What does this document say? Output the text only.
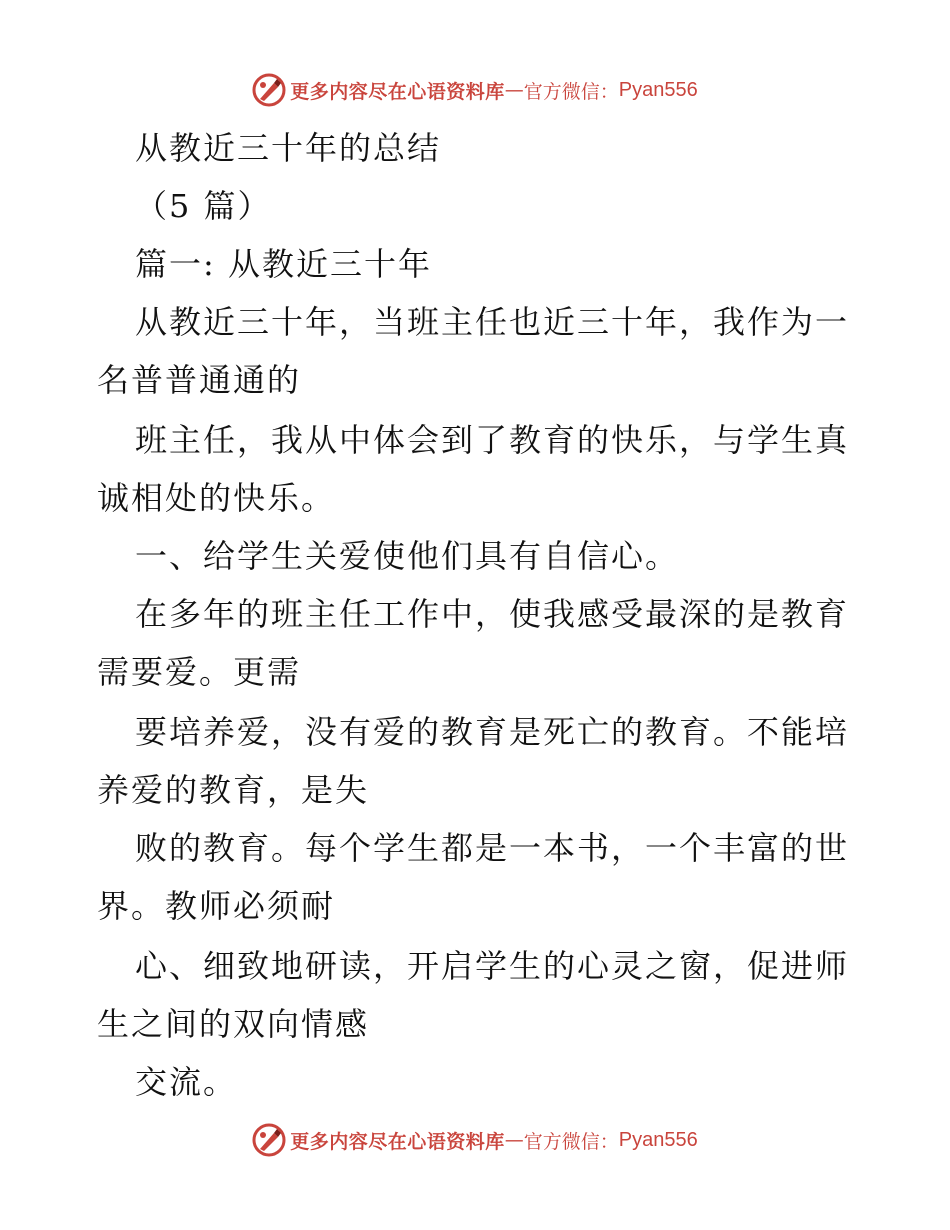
更多内容尽在心语资料库 — 官方微信： Pyan556
从教近三十年的总结
（5 篇）
篇一: 从教近三十年
从教近三十年，当班主任也近三十年，我作为一
名普普通通的
班主任，我从中体会到了教育的快乐，与学生真
诚相处的快乐。
一、给学生关爱使他们具有自信心。
在多年的班主任工作中，使我感受最深的是教育
需要爱。更需
要培养爱，没有爱的教育是死亡的教育。不能培
养爱的教育，是失
败的教育。每个学生都是一本书，一个丰富的世
界。教师必须耐
心、细致地研读，开启学生的心灵之窗，促进师
生之间的双向情感
交流。
更多内容尽在心语资料库 — 官方微信： Pyan556
